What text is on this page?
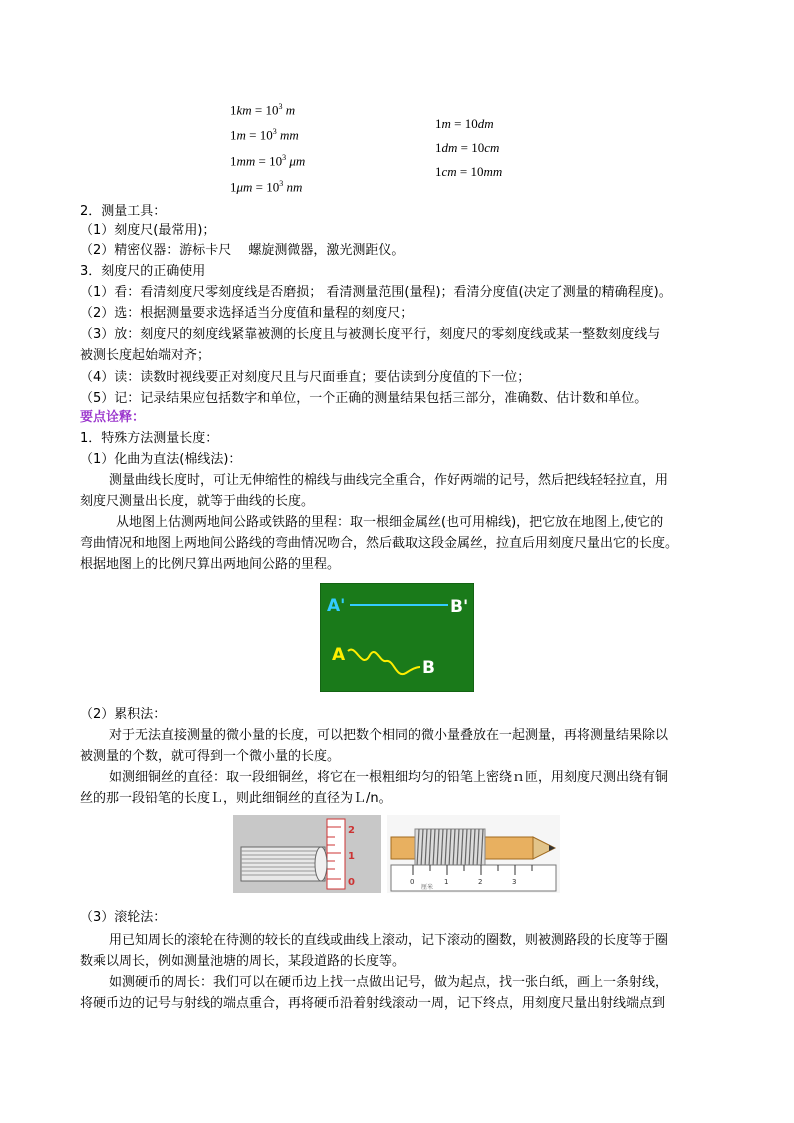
$1km = 10^3$ m
$1m = 10^3$ mm
$1mm = 10^3$ μm
$1\mu m = 10^3$ nm
1m = 10dm
1dm = 10cm
1cm = 10mm
2．测量工具：
（1）刻度尺(最常用)；
（2）精密仪器：游标卡尺　 螺旋测微器，激光测距仪。
3．刻度尺的正确使用
（1）看：看清刻度尺零刻度线是否磨损； 看清测量范围(量程)；看清分度值(决定了测量的精确程度)。
（2）选：根据测量要求选择适当分度值和量程的刻度尺；
（3）放：刻度尺的刻度线紧靠被测的长度且与被测长度平行，刻度尺的零刻度线或某一整数刻度线与
被测长度起始端对齐；
（4）读：读数时视线要正对刻度尺且与尺面垂直；要估读到分度值的下一位；
（5）记：记录结果应包括数字和单位，一个正确的测量结果包括三部分，准确数、估计数和单位。
要点诠释：
1．特殊方法测量长度：
（1）化曲为直法(棉线法)：
测量曲线长度时，可让无伸缩性的棉线与曲线完全重合，作好两端的记号，然后把线轻轻拉直，用
刻度尺测量出长度，就等于曲线的长度。
从地图上估测两地间公路或铁路的里程：取一根细金属丝(也可用棉线)，把它放在地图上,使它的
弯曲情况和地图上两地间公路线的弯曲情况吻合，然后截取这段金属丝，拉直后用刻度尺量出它的长度。
根据地图上的比例尺算出两地间公路的里程。
A'	B'
A
B
（2）累积法：
对于无法直接测量的微小量的长度，可以把数个相同的微小量叠放在一起测量，再将测量结果除以
被测量的个数，就可得到一个微小量的长度。
如测细铜丝的直径：取一段细铜丝，将它在一根粗细均匀的铅笔上密绕ｎ匝，用刻度尺测出绕有铜
丝的那一段铅笔的长度Ｌ，则此细铜丝的直径为Ｌ/n。
2
1
0	0	1	2	3
厘米
（3）滚轮法：
用已知周长的滚轮在待测的较长的直线或曲线上滚动，记下滚动的圈数，则被测路段的长度等于圈
数乘以周长，例如测量池塘的周长，某段道路的长度等。
如测硬币的周长：我们可以在硬币边上找一点做出记号，做为起点，找一张白纸，画上一条射线，
将硬币边的记号与射线的端点重合，再将硬币沿着射线滚动一周，记下终点，用刻度尺量出射线端点到
